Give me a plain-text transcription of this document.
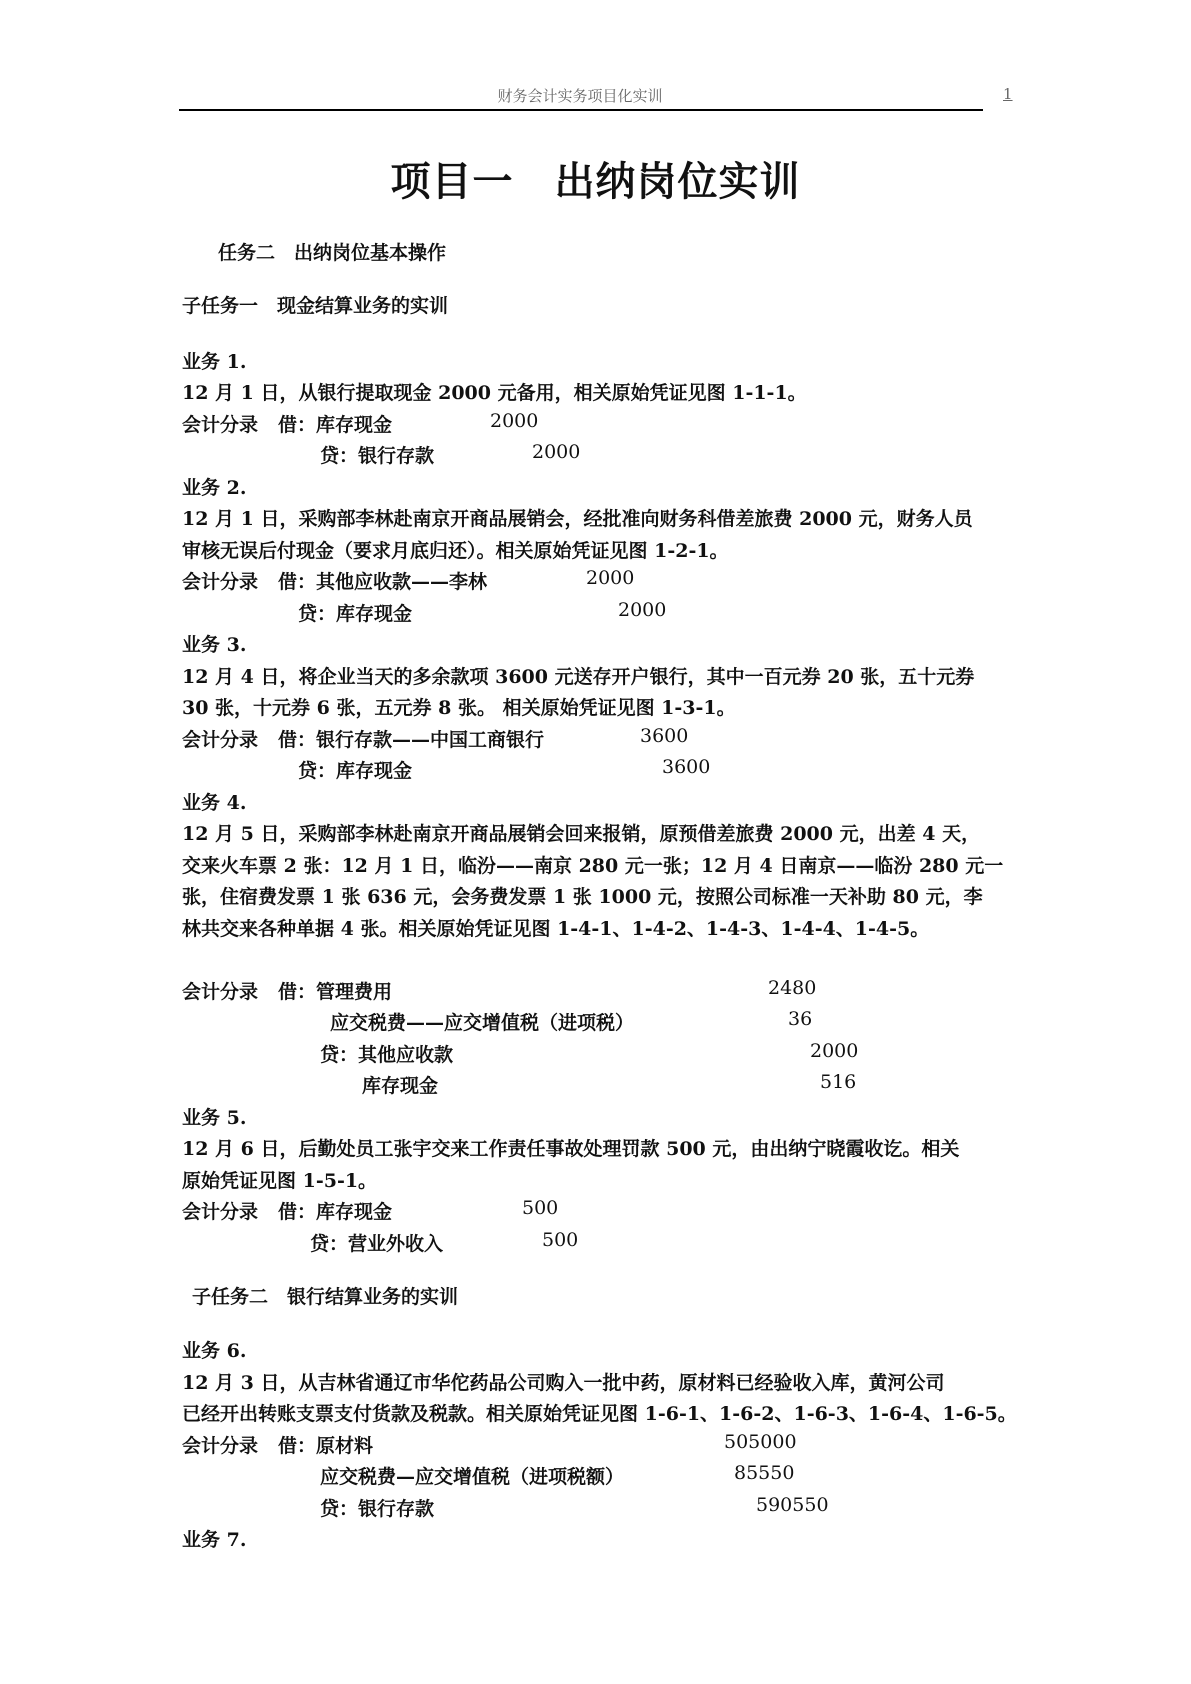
财务会计实务项目化实训	1
项目一　出纳岗位实训
任务二　出纳岗位基本操作
子任务一　现金结算业务的实训
业务 1.
12 月 1 日，从银行提取现金 2000 元备用，相关原始凭证见图 1-1-1。
会计分录 借：库存现金	2000
贷：银行存款	2000
业务 2.
12 月 1 日，采购部李林赴南京开商品展销会，经批准向财务科借差旅费 2000 元，财务人员
审核无误后付现金（要求月底归还）。相关原始凭证见图 1-2-1。
会计分录 借：其他应收款——李林	2000
贷：库存现金	2000
业务 3.
12 月 4 日，将企业当天的多余款项 3600 元送存开户银行，其中一百元券 20 张，五十元券
30 张，十元券 6 张，五元券 8 张。 相关原始凭证见图 1-3-1。
会计分录 借：银行存款——中国工商银行	3600
贷：库存现金	3600
业务 4.
12 月 5 日，采购部李林赴南京开商品展销会回来报销，原预借差旅费 2000 元，出差 4 天，
交来火车票 2 张：12 月 1 日，临汾——南京 280 元一张；12 月 4 日南京——临汾 280 元一
张，住宿费发票 1 张 636 元，会务费发票 1 张 1000 元，按照公司标准一天补助 80 元，李
林共交来各种单据 4 张。相关原始凭证见图 1-4-1、1-4-2、1-4-3、1-4-4、1-4-5。
会计分录 借：管理费用	2480
应交税费——应交增值税（进项税）	36
贷：其他应收款	2000
库存现金	516
业务 5.
12 月 6 日，后勤处员工张宇交来工作责任事故处理罚款 500 元，由出纳宁晓霞收讫。相关
原始凭证见图 1-5-1。
会计分录 借：库存现金	500
贷：营业外收入	500
子任务二　银行结算业务的实训
业务 6.
12 月 3 日，从吉林省通辽市华佗药品公司购入一批中药，原材料已经验收入库，黄河公司
已经开出转账支票支付货款及税款。相关原始凭证见图 1-6-1、1-6-2、1-6-3、1-6-4、1-6-5。
会计分录 借：原材料	505000
应交税费—应交增值税（进项税额）	85550
贷：银行存款	590550
业务 7.
